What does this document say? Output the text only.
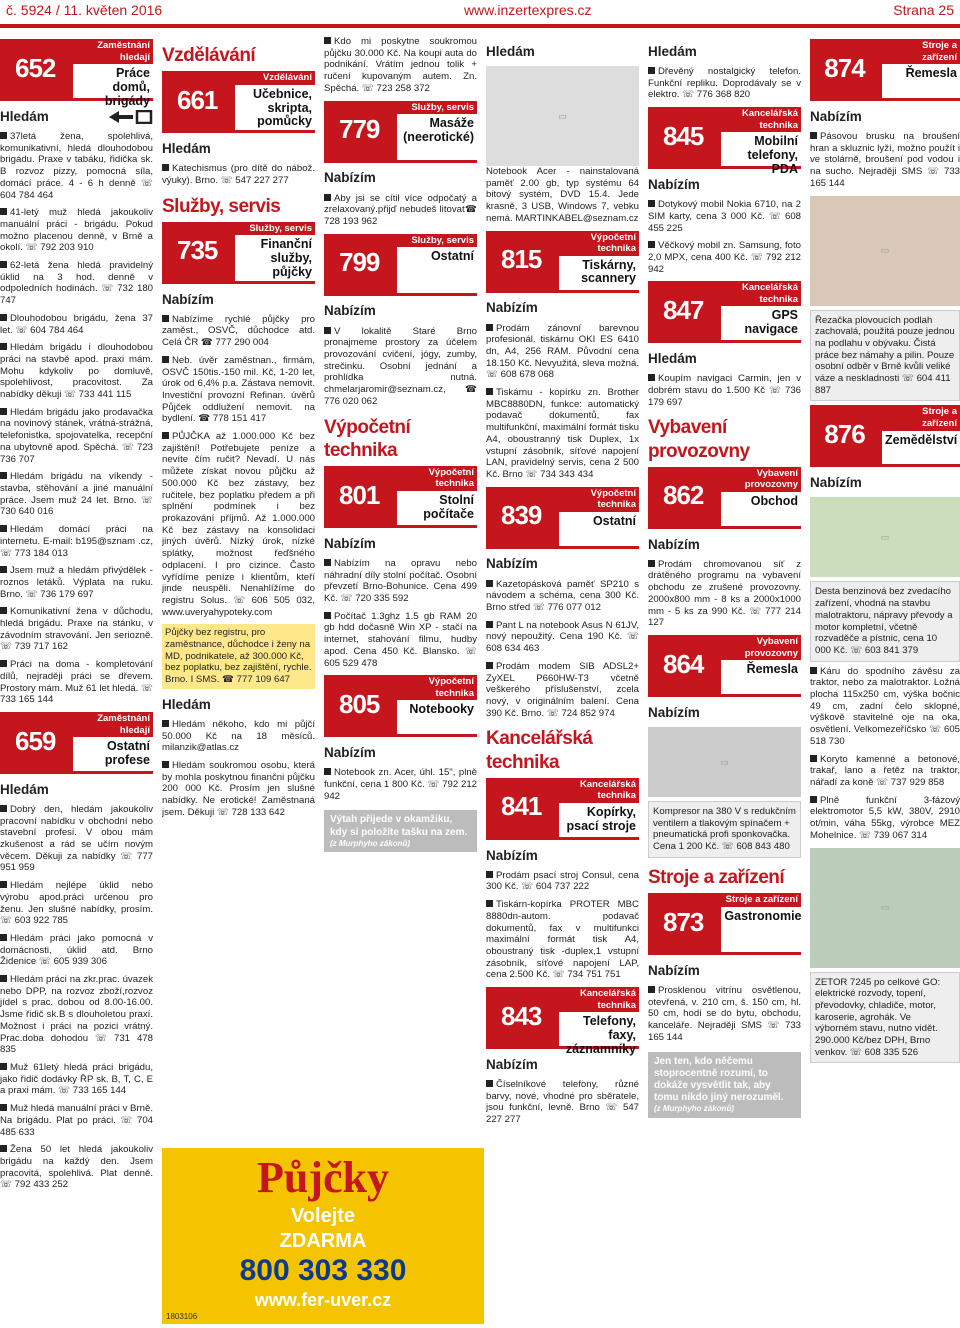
č. 5924 / 11. květen 2016	www.inzertexpres.cz	Strana 25
652
Zaměstnání hledají
Práce domů, brigády
Hledám
37letá žena, spolehlivá, komunikativní, hledá dlouhodobou brigádu. Praxe v tabáku, řidička sk. B rozvoz pizzy, pomocná síla, domácí práce. 4 - 6 h denně ☏ 604 784 464
41-letý muž hledá jakoukoliv manuální práci - brigádu. Pokud možno placenou denně, v Brně a okolí. ☏ 792 203 910
62-letá žena hledá pravidelný úklid na 3 hod. denně v odpoledních hodinách. ☏ 732 180 747
Dlouhodobou brigádu, žena 37 let. ☏ 604 784 464
Hledám brigádu i dlouhodobou práci na stavbě apod. praxi mám. Mohu kdykoliv po domluvě, spolehlivost, pracovitost. Za nabídky děkuji ☏ 733 441 115
Hledám brigádu jako prodavačka na novinový stánek, vrátná-strážná, telefonistka, spojovatelka, recepční na ubytovně apod. Spěchá. ☏ 723 736 707
Hledám brigádu na víkendy - stavba, stěhování a jiné manuální práce. Jsem muž 24 let. Brno. ☏ 730 640 016
Hledám domácí práci na internetu. E-mail: b195@sznam .cz, ☏ 773 184 013
Jsem muž a hledám přivýdělek - roznos letáků. Výplata na ruku. Brno. ☏ 736 179 697
Komunikativní žena v důchodu, hledá brigádu. Praxe na stánku, v závodním stravování. Jen seriozně. ☏ 739 717 162
Práci na doma - kompletování dílů, nejraději práci se dřevem. Prostory mám. Muž 61 let hledá. ☏ 733 165 144
659
Zaměstnání hledají
Ostatní profese
Hledám
Dobrý den, hledám jakoukoliv pracovní nabídku v obchodní nebo stavební profesi. V obou mám zkušenost a rád se učím novým věcem. Děkuji za nabídky ☏ 777 951 959
Hledám nejlépe úklid nebo výrobu apod.práci určenou pro ženu. Jen slušné nabídky, prosím. ☏ 603 922 785
Hledám práci jako pomocná v domácnosti, úklid atd. Brno Židenice ☏ 605 939 306
Hledám práci na zkr.prac. úvazek nebo DPP, na rozvoz zboží,rozvoz jídel s prac. dobou od 8.00-16.00. Jsme řidič sk.B s dlouholetou praxí. Možnost i práci na pozici vrátný. Prac.doba dohodou ☏ 731 478 835
Muž 61letý hledá práci brigádu, jako řidič dodávky ŘP sk. B, T, C, E a praxi mám. ☏ 733 165 144
Muž hledá manuální práci v Brně. Na brigádu. Plat po práci. ☏ 704 485 633
Žena 50 let hledá jakoukoliv brigádu na každý den. Jsem pracovitá, spolehlivá. Plat denně. ☏ 792 433 252
Vzdělávání
661
Vzdělávání
Učebnice, skripta, pomůcky
Hledám
Katechismus (pro dítě do nábož. výuky). Brno. ☏ 547 227 277
Služby, servis
735
Služby, servis
Finanční služby, půjčky
Nabízím
Nabízíme rychlé půjčky pro zaměst., OSVČ, důchodce atd. Celá ČR ☎ 777 290 004
Neb. úvěr zaměstnan., firmám, OSVČ 150tis.-150 mil. Kč, 1-20 let, úrok od 6,4% p.a. Zástava nemovit. Investiční provozní Refinan. úvěrů Půjček oddlužení nemovit. na bydlení. ☎ 778 151 417
PŮJČKA až 1.000.000 Kč bez zajištění! Potřebujete peníze a nevíte čím ručit? Nevadí. U nás můžete získat novou půjčku až 500.000 Kč bez zástavy, bez ručitele, bez poplatku předem a při splnění podmínek i bez prokazování příjmů. Až 1.000.000 Kč bez zástavy na konsolidaci jiných úvěrů. Nízký úrok, nízké splátky, možnost řeďšného odplacení. I pro cizince. Často vyřídíme peníze i klientům, kteří jinde neuspěli. Nenahlížíme do registru Solus. ☏ 606 505 032, www.uveryahypoteky.com
Půjčky bez registru, pro zaměstnance, důchodce i ženy na MD, podnikatele, až 300.000 Kč, bez poplatku, bez zajištění, rychle. Brno. I SMS. ☎ 777 109 647
Hledám
Hledám někoho, kdo mi půjčí 50.000 Kč na 18 měsíců. milanzik@atlas.cz
Hledám soukromou osobu, která by mohla poskytnou finančni půjčku 200 000 Kč. Prosím jen slušné nabídky. Ne erotické! Zaměstnaná jsem. Děkuji ☏ 728 133 642
Půjčky
Volejte
ZDARMA
800 303 330
www.fer-uver.cz
1803106
Kdo mi poskytne soukromou půjčku 30.000 Kč. Na koupi auta do podnikání. Vrátím jednou tolik + ručení kupovaným autem. Zn. Spěchá. ☏ 723 258 372
779
Služby, servis
Masáže (neerotické)
Nabízím
Aby jsi se cítil více odpočatý a zrelaxovaný.přijď nebudeš litovat☎ 728 193 962
799
Služby, servis
Ostatní
Nabízím
V lokalitě Staré Brno pronajmeme prostory za účelem provozování cvičení, jógy, zumby, strečinku. Osobní jednání a prohlídka nutná. chmelarjaromir@seznam.cz, ☎ 776 020 062
Výpočetní technika
801
Výpočetní technika
Stolní počítače
Nabízím
Nabízím na opravu nebo náhradní díly stolní počítač. Osobní převzetí Brno-Bohunice. Cena 499 Kč. ☏ 720 335 592
Počítač 1.3ghz 1.5 gb RAM 20 gb hdd dočasně Win XP - stačí na internet, stahování filmu, hudby apod. Cena 450 Kč. Blansko. ☏ 605 529 478
805
Výpočetní technika
Notebooky
Nabízím
Notebook zn. Acer, úhl. 15", plně funkční, cena 1 800 Kč. ☏ 792 212 942
Výtah přijede v okamžiku, kdy si položíte tašku na zem.
(z Murphyho zákonů)
Hledám
▭
Notebook Acer - nainstalovaná paměť 2.00 gb, typ systému 64 bitový systém, DVD 15.4. Jede krasně, 3 USB, Windows 7, vebku nemá. MARTINKABEL@seznam.cz
815
Výpočetní technika
Tiskárny, scannery
Nabízím
Prodám zánovní barevnou profesionál. tiskárnu OKI ES 6410 dn, A4, 256 RAM. Původní cena 18.150 Kč. Nevyužitá, sleva možná. ☏ 608 678 068
Tiskárnu - kopírku zn. Brother MBC8880DN, funkce: automatický podavač dokumentů, fax multifunkční, maximální formát tisku A4, oboustranný tisk Duplex, 1x vstupní zásobník, síťové napojení LAN, pravidelný servis, cena 2 500 Kč. Brno ☏ 734 343 434
839
Výpočetní technika
Ostatní
Nabízím
Kazetopásková paměť SP210 s návodem a schéma, cena 300 Kč. Brno střed ☏ 776 077 012
Pant L na notebook Asus N 61JV, nový nepoužitý. Cena 190 Kč. ☏ 608 634 463
Prodám modem SIB ADSL2+ ZyXEL P660HW-T3 včetně veškerého příslušenství, zcela nový, v originálním balení. Cena 390 Kč. Brno. ☏ 724 852 974
Kancelářská technika
841
Kancelářská technika
Kopírky, psací stroje
Nabízím
Prodám psací stroj Consul, cena 300 Kč. ☏ 604 737 222
Tiskárn-kopírka PROTER MBC 8880dn-autom. podavač dokumentů, fax v multifunkci maximální formát tisk A4, oboustraný tisk -duplex,1 vstupní zásobník, síťové napojení LAP, cena 2.500 Kč. ☏ 734 751 751
843
Kancelářská technika
Telefony, faxy, záznamníky
Nabízím
Číselníkové telefony, různé barvy, nové, vhodné pro sběratele, jsou funkční, levně. Brno ☏ 547 227 277
Hledám
Dřevěný nostalgický telefon. Funkční repliku. Doprodávaly se v elektro. ☏ 776 368 820
845
Kancelářská technika
Mobilní telefony, PDA
Nabízím
Dotykový mobil Nokia 6710, na 2 SIM karty, cena 3 000 Kč. ☏ 608 455 225
Věčkový mobil zn. Samsung, foto 2,0 MPX, cena 400 Kč. ☏ 792 212 942
847
Kancelářská technika
GPS navigace
Hledám
Koupím navigaci Carmin, jen v dobrém stavu do 1.500 Kč ☏ 736 179 697
Vybavení provozovny
862
Vybavení provozovny
Obchod
Nabízím
Prodám chromovanou síť z drátěného programu na vybavení obchodu ze zrušené provozovny. 2000x800 mm - 8 ks a 2000x1000 mm - 5 ks za 990 Kč. ☏ 777 214 127
864
Vybavení provozovny
Řemesla
Nabízím
▭
Kompresor na 380 V s redukčním ventilem a tlakovým spínačem + pneumatická profi sponkovačka. Cena 1 200 Kč. ☏ 608 843 480
Stroje a zařízení
873
Stroje a zařízení
Gastronomie
Nabízím
Prosklenou vitrínu osvětlenou, otevřená, v. 210 cm, š. 150 cm, hl. 50 cm, hodí se do bytu, obchodu, kanceláře. Nejraději SMS ☏ 733 165 144
Jen ten, kdo něčemu stoprocentně rozumí, to dokáže vysvětlit tak, aby tomu nikdo jiný nerozuměl.
(z Murphyho zákonů)
874
Stroje a zařízení
Řemesla
Nabízím
Pásovou brusku na broušení hran a skluznic lyží, možno použít i ve stolárně, broušení pod vodou i na sucho. Nejraději SMS ☏ 733 165 144
▭
Řezačka plovoucích podlah zachovalá, použitá pouze jednou na podlahu v obývaku. Čistá práce bez námahy a pilin. Pouze osobní odběr v Brně kvůli veliké váze a neskladnosti ☏ 604 411 887
876
Stroje a zařízení
Zemědělství
Nabízím
▭
Desta benzinová bez zvedacího zařízení, vhodná na stavbu malotraktoru, nápravy převody a motor kompletní, včetně rozvaděče a pístnic, cena 10 000 Kč. ☏ 603 841 379
Káru do spodního závěsu za traktor, nebo za malotraktor. Ložná plocha 115x250 cm, výška bočnic 49 cm, zadní čelo sklopné, výškově stavitelné oje na oka, osvětlení. Velkomezeříčsko ☏ 605 518 730
Koryto kamenné a betonové, trakař, lano a řetěz na traktor, nářadí za koně ☏ 737 929 858
Plně funkční 3-fázový elektromotor 5,5 kW, 380V, 2910 ot/min, váha 55kg, výrobce MEZ Mohelnice. ☏ 739 067 314
▭
ZETOR 7245 po celkové GO: elektrické rozvody, topení, převodovky, chladiče, motor, karoserie, agrohák. Ve výborném stavu, nutno vidět. 290.000 Kč/bez DPH, Brno venkov. ☏ 608 335 526
